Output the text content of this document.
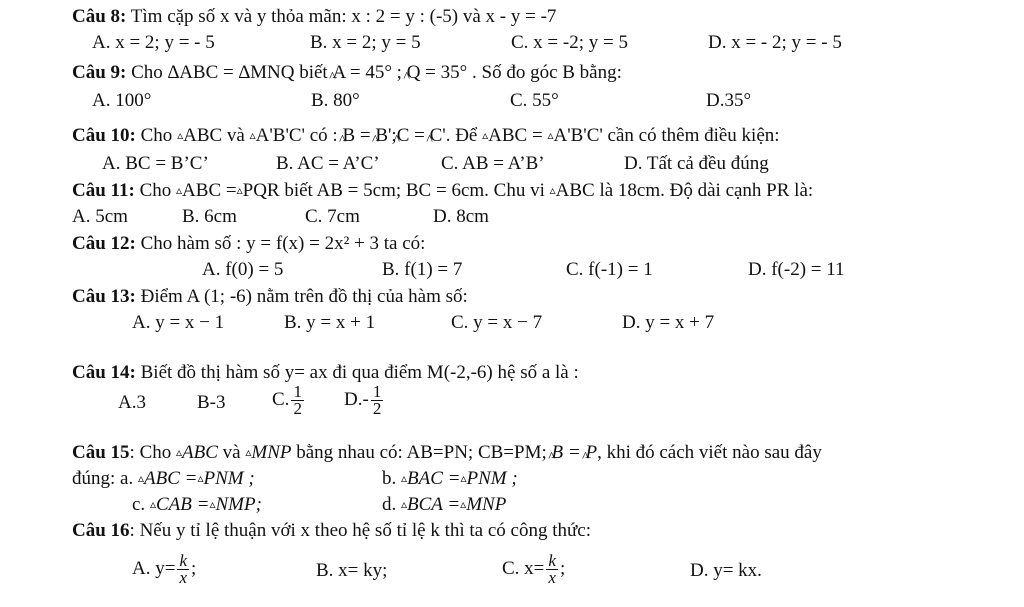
Câu 8: Tìm cặp số x và y thỏa mãn: x : 2 = y : (-5) và x - y = -7
A. x = 2; y = - 5	B. x = 2; y = 5	C. x = -2; y = 5	D. x = - 2; y = - 5
Câu 9: Cho ∆ABC = ∆MNQ biết A = 45° ; Q = 35° . Số đo góc B bằng:
A. 100°	B. 80°	C. 55°	D.35°
Câu 10: Cho ▵ABC và ▵A'B'C' có : B = B';C = C'. Để ▵ABC = ▵A'B'C' cần có thêm điều kiện:
A. BC = B’C’	B. AC = A’C’	C. AB = A’B’	D. Tất cả đều đúng
Câu 11: Cho ▵ABC =▵PQR biết AB = 5cm; BC = 6cm. Chu vi ▵ABC là 18cm. Độ dài cạnh PR là:
A. 5cm	B. 6cm	C. 7cm	D. 8cm
Câu 12: Cho hàm số : y = f(x) = 2x² + 3 ta có:
A. f(0) = 5	B. f(1) = 7	C. f(-1) = 1	D. f(-2) = 11
Câu 13: Điểm A (1; -6) nằm trên đồ thị của hàm số:
A. y = x − 1	B. y = x + 1	C. y = x − 7	D. y = x + 7
Câu 14: Biết đồ thị hàm số y= ax đi qua điểm M(-2,-6) hệ số a là :
A.3	B-3 C. $\frac{1}{2} D.- \frac{1}{2}$
Câu 15: Cho ▵ABC và ▵MNP bằng nhau có: AB=PN; CB=PM; B = P, khi đó cách viết nào sau đây
đúng: a. ▵ABC =▵PNM ;	b. ▵BAC =▵PNM ;
c. ▵CAB =▵NMP;	d. ▵BCA =▵MNP
Câu 16: Nếu y tỉ lệ thuận với x theo hệ số tỉ lệ k thì ta có công thức:
A. $y= \frac{k}{x}$ ;	B. x= ky;	C. $x= \frac{k}{x}$ ;	D. y= kx.
